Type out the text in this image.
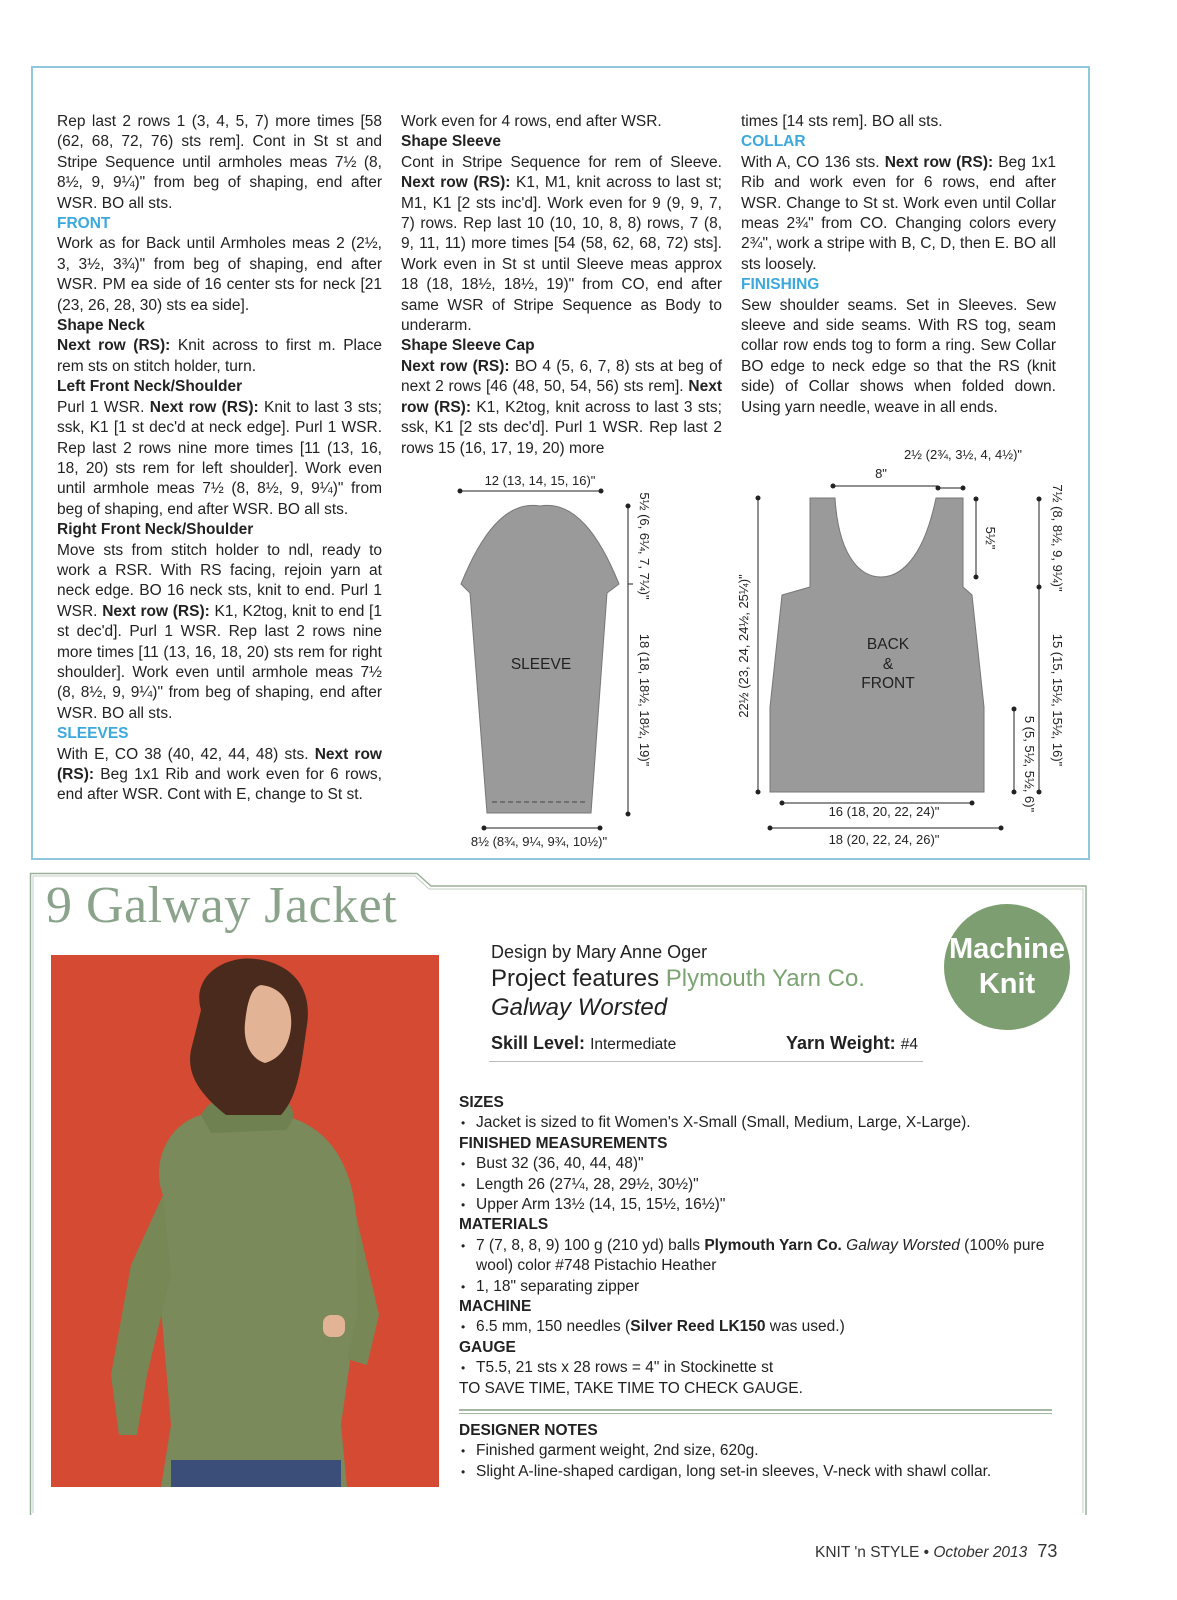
Rep last 2 rows 1 (3, 4, 5, 7) more times [58 (62, 68, 72, 76) sts rem]. Cont in St st and Stripe Sequence until armholes meas 7½ (8, 8½, 9, 9¼)" from beg of shaping, end after WSR. BO all sts.

FRONT

Work as for Back until Armholes meas 2 (2½, 3, 3½, 3¾)" from beg of shaping, end after WSR. PM ea side of 16 center sts for neck [21 (23, 26, 28, 30) sts ea side].

Shape Neck

Next row (RS): Knit across to first m. Place rem sts on stitch holder, turn.

Left Front Neck/Shoulder

Purl 1 WSR. Next row (RS): Knit to last 3 sts; ssk, K1 [1 st dec'd at neck edge]. Purl 1 WSR. Rep last 2 rows nine more times [11 (13, 16, 18, 20) sts rem for left shoulder]. Work even until armhole meas 7½ (8, 8½, 9, 9¼)" from beg of shaping, end after WSR. BO all sts.

Right Front Neck/Shoulder

Move sts from stitch holder to ndl, ready to work a RSR. With RS facing, rejoin yarn at neck edge. BO 16 neck sts, knit to end. Purl 1 WSR. Next row (RS): K1, K2tog, knit to end [1 st dec'd]. Purl 1 WSR. Rep last 2 rows nine more times [11 (13, 16, 18, 20) sts rem for right shoulder]. Work even until armhole meas 7½ (8, 8½, 9, 9¼)" from beg of shaping, end after WSR. BO all sts.

SLEEVES

With E, CO 38 (40, 42, 44, 48) sts. Next row (RS): Beg 1x1 Rib and work even for 6 rows, end after WSR. Cont with E, change to St st.

Work even for 4 rows, end after WSR.

Shape Sleeve

Cont in Stripe Sequence for rem of Sleeve. Next row (RS): K1, M1, knit across to last st; M1, K1 [2 sts inc'd]. Work even for 9 (9, 9, 7, 7) rows. Rep last 10 (10, 10, 8, 8) rows, 7 (8, 9, 11, 11) more times [54 (58, 62, 68, 72) sts]. Work even in St st until Sleeve meas approx 18 (18, 18½, 18½, 19)" from CO, end after same WSR of Stripe Sequence as Body to underarm.

Shape Sleeve Cap

Next row (RS): BO 4 (5, 6, 7, 8) sts at beg of next 2 rows [46 (48, 50, 54, 56) sts rem]. Next row (RS): K1, K2tog, knit across to last 3 sts; ssk, K1 [2 sts dec'd]. Purl 1 WSR. Rep last 2 rows 15 (16, 17, 19, 20) more

times [14 sts rem]. BO all sts.

COLLAR

With A, CO 136 sts. Next row (RS): Beg 1x1 Rib and work even for 6 rows, end after WSR. Change to St st. Work even until Collar meas 2¾" from CO. Changing colors every 2¾", work a stripe with B, C, D, then E. BO all sts loosely.

FINISHING

Sew shoulder seams. Set in Sleeves. Sew sleeve and side seams. With RS tog, seam collar row ends tog to form a ring. Sew Collar BO edge to neck edge so that the RS (knit side) of Collar shows when folded down. Using yarn needle, weave in all ends.

SLEEVE
12 (13, 14, 15, 16)"
8½ (8¾, 9¼, 9¾, 10½)"
5½ (6, 6¼, 7, 7¼)"
18 (18, 18½, 18½, 19)"	BACK
&
FRONT
2½ (2¾, 3½, 4, 4½)"
8"
5½"	7½ (8, 8½, 9, 9¼)"
15 (15, 15½, 15½, 16)"
5 (5, 5½, 5½, 6)"
22½ (23, 24, 24½, 25¼)"
16 (18, 20, 22, 24)"
18 (20, 22, 24, 26)"
9 Galway Jacket
Design by Mary Anne Oger
Project features Plymouth Yarn Co.
Galway Worsted
Machine
Knit
Skill Level: Intermediate	Yarn Weight: #4
SIZES
• Jacket is sized to fit Women's X-Small (Small, Medium, Large, X-Large).
FINISHED MEASUREMENTS
• Bust 32 (36, 40, 44, 48)"
• Length 26 (27¼, 28, 29½, 30½)"
• Upper Arm 13½ (14, 15, 15½, 16½)"
MATERIALS
• 7 (7, 8, 8, 9) 100 g (210 yd) balls Plymouth Yarn Co. Galway Worsted (100% pure wool) color #748 Pistachio Heather
• 1, 18" separating zipper
MACHINE
• 6.5 mm, 150 needles (Silver Reed LK150 was used.)
GAUGE
• T5.5, 21 sts x 28 rows = 4" in Stockinette st

TO SAVE TIME, TAKE TIME TO CHECK GAUGE.

DESIGNER NOTES
• Finished garment weight, 2nd size, 620g.
• Slight A-line-shaped cardigan, long set-in sleeves, V-neck with shawl collar.
KNIT 'n STYLE • October 2013 73
